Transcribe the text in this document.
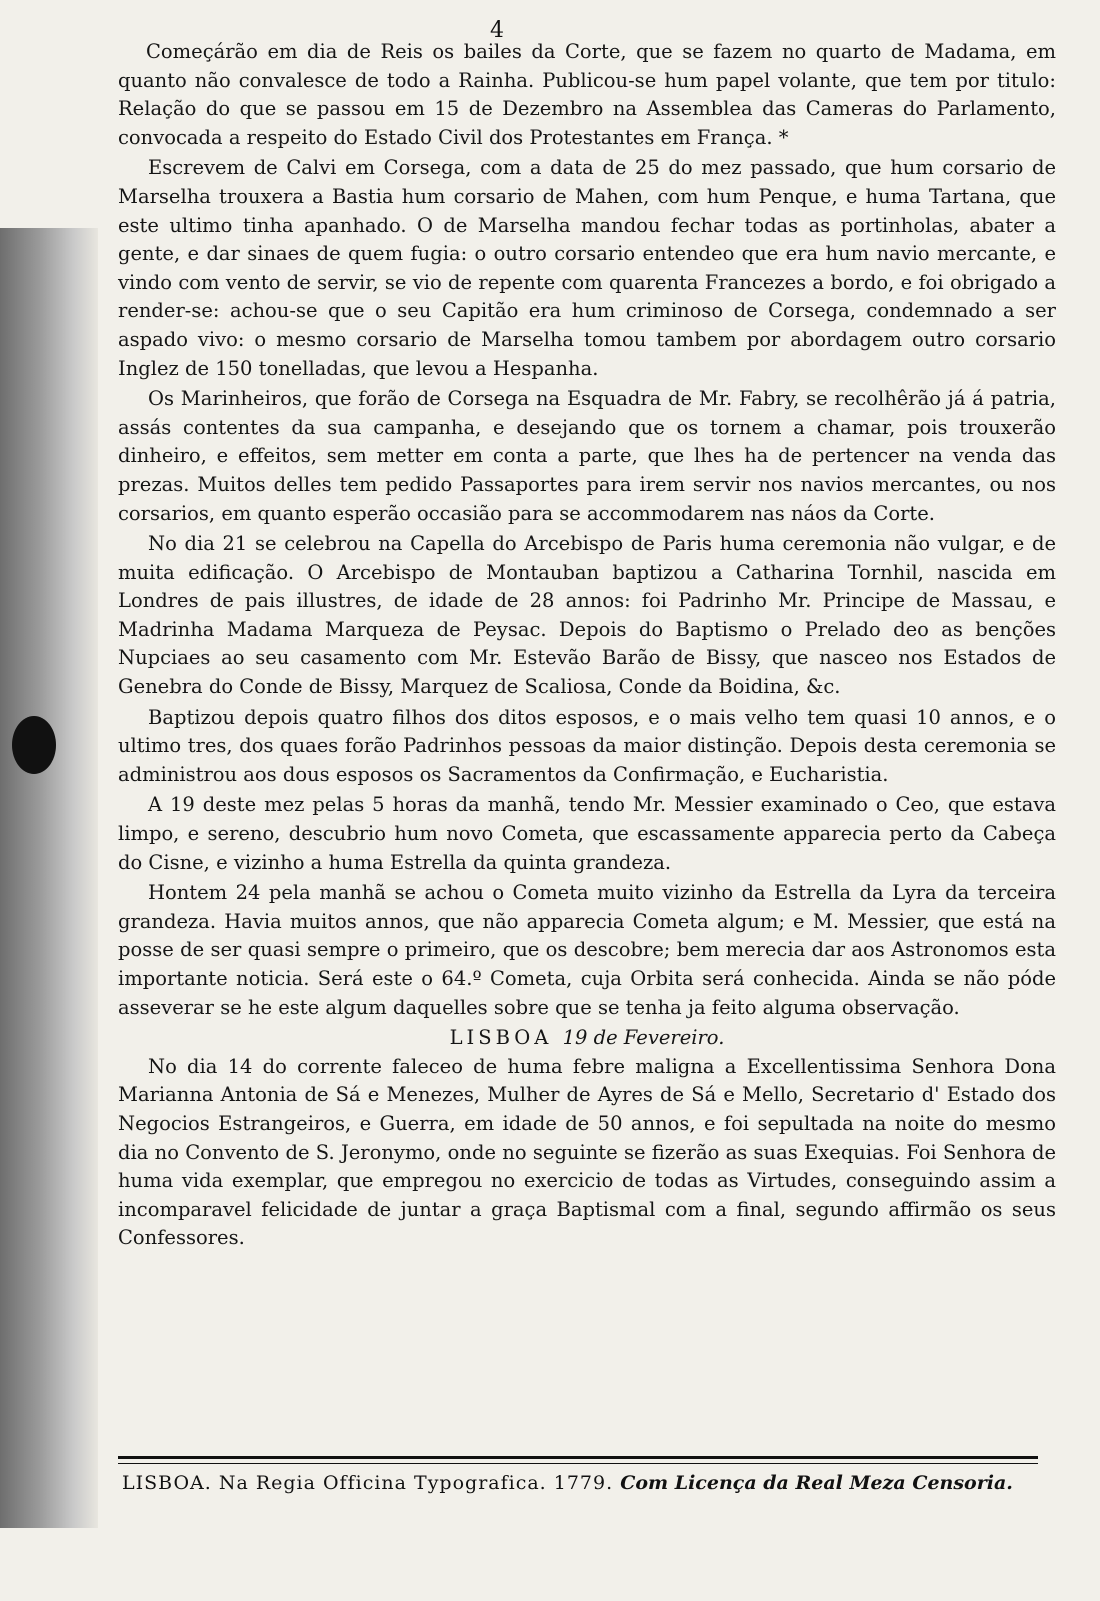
4

Começárão em dia de Reis os bailes da Corte, que se fazem no quarto de Madama, em quanto não convalesce de todo a Rainha. Publicou-se hum papel volante, que tem por titulo: Relação do que se passou em 15 de Dezembro na Assemblea das Cameras do Parlamento, convocada a respeito do Estado Civil dos Protestantes em França. *

Escrevem de Calvi em Corsega, com a data de 25 do mez passado, que hum corsario de Marselha trouxera a Bastia hum corsario de Mahen, com hum Penque, e huma Tartana, que este ultimo tinha apanhado. O de Marselha mandou fechar todas as portinholas, abater a gente, e dar sinaes de quem fugia: o outro corsario entendeo que era hum navio mercante, e vindo com vento de servir, se vio de repente com quarenta Francezes a bordo, e foi obrigado a render-se: achou-se que o seu Capitão era hum criminoso de Corsega, condemnado a ser aspado vivo: o mesmo corsario de Marselha tomou tambem por abordagem outro corsario Inglez de 150 tonelladas, que levou a Hespanha.

Os Marinheiros, que forão de Corsega na Esquadra de Mr. Fabry, se recolhêrão já á patria, assás contentes da sua campanha, e desejando que os tornem a chamar, pois trouxerão dinheiro, e effeitos, sem metter em conta a parte, que lhes ha de pertencer na venda das prezas. Muitos delles tem pedido Passaportes para irem servir nos navios mercantes, ou nos corsarios, em quanto esperão occasião para se accommodarem nas náos da Corte.

No dia 21 se celebrou na Capella do Arcebispo de Paris huma ceremonia não vulgar, e de muita edificação. O Arcebispo de Montauban baptizou a Catharina Tornhil, nascida em Londres de pais illustres, de idade de 28 annos: foi Padrinho Mr. Principe de Massau, e Madrinha Madama Marqueza de Peysac. Depois do Baptismo o Prelado deo as benções Nupciaes ao seu casamento com Mr. Estevão Barão de Bissy, que nasceo nos Estados de Genebra do Conde de Bissy, Marquez de Scaliosa, Conde da Boidina, &c.

Baptizou depois quatro filhos dos ditos esposos, e o mais velho tem quasi 10 annos, e o ultimo tres, dos quaes forão Padrinhos pessoas da maior distinção. Depois desta ceremonia se administrou aos dous esposos os Sacramentos da Confirmação, e Eucharistia.

A 19 deste mez pelas 5 horas da manhã, tendo Mr. Messier examinado o Ceo, que estava limpo, e sereno, descubrio hum novo Cometa, que escassamente apparecia perto da Cabeça do Cisne, e vizinho a huma Estrella da quinta grandeza.

Hontem 24 pela manhã se achou o Cometa muito vizinho da Estrella da Lyra da terceira grandeza. Havia muitos annos, que não apparecia Cometa algum; e M. Messier, que está na posse de ser quasi sempre o primeiro, que os descobre; bem merecia dar aos Astronomos esta importante noticia. Será este o 64.º Cometa, cuja Orbita será conhecida. Ainda se não póde asseverar se he este algum daquelles sobre que se tenha ja feito alguma observação.

LISBOA 19 de Fevereiro.

No dia 14 do corrente faleceo de huma febre maligna a Excellentissima Senhora Dona Marianna Antonia de Sá e Menezes, Mulher de Ayres de Sá e Mello, Secretario d' Estado dos Negocios Estrangeiros, e Guerra, em idade de 50 annos, e foi sepultada na noite do mesmo dia no Convento de S. Jeronymo, onde no seguinte se fizerão as suas Exequias. Foi Senhora de huma vida exemplar, que empregou no exercicio de todas as Virtudes, conseguindo assim a incomparavel felicidade de juntar a graça Baptismal com a final, segundo affirmão os seus Confessores.

LISBOA. Na Regia Officina Typografica. 1779. Com Licença da Real Meza Censoria.
